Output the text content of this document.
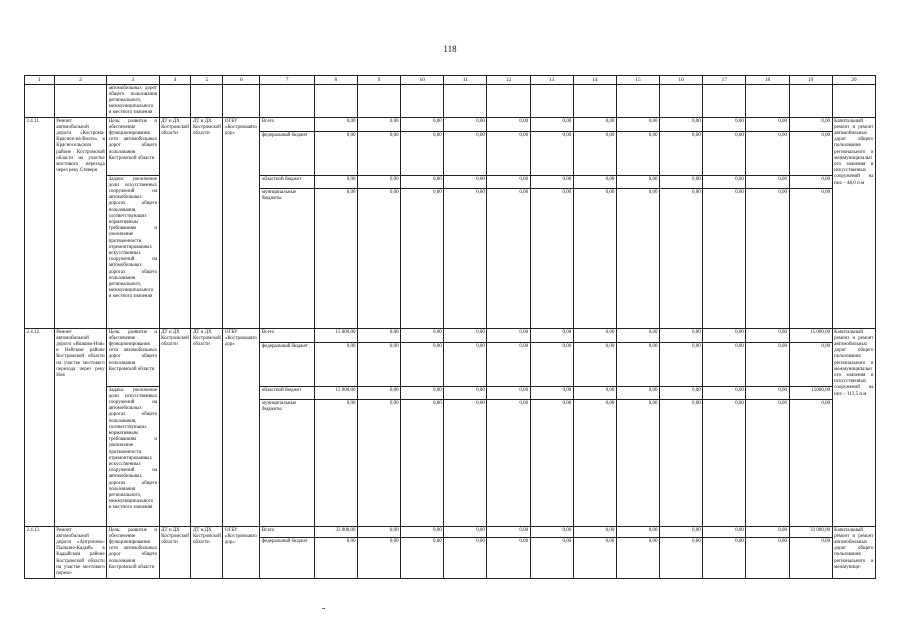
118
1	2	3	4	5	6	7	8	9	10	11	12	13	14	15	16	17	18	19	20
		автомобильных дорог общего пользования регионального, межмуниципального и местного значения																	
2.4.11.	Ремонт автомобильной дороги «Кострома-Красное-на-Волге» в Красносельском районе Костромской области на участке мостового перехода через реку Стеверя	Цель: развитие и обеспечение функционирования сети автомобильных дорог общего пользования Костромской области	ДТ и ДХ Костромской области	ДТ и ДХ Костромской области	ОГБУ «Костромаавтодор»	Всего	0,00	0,00	0,00	0,00	0,00	0,00	0,00	0,00	0,00	0,00	0,00	0,00	Капитальный ремонт и ремонт автомобильных дорог общего пользования регионального и межмуниципального значения и искусственных сооружений на них – 48,0 п.м
						федеральный бюджет	0,00	0,00	0,00	0,00	0,00	0,00	0,00	0,00	0,00	0,00	0,00	0,00	
		Задача: увеличение доли искусственных сооружений на автомобильных дорогах общего пользования, соответствующих нормативным требованиям и увеличение протяженности отремонтированных искусственных сооружений на автомобильных дорогах общего пользования регионального, межмуниципального и местного значения				областной бюджет	0,00	0,00	0,00	0,00	0,00	0,00	0,00	0,00	0,00	0,00	0,00	0,00	
						муниципальные бюджеты	0,00	0,00	0,00	0,00	0,00	0,00	0,00	0,00	0,00	0,00	0,00	0,00	
2.4.12.	Ремонт автомобильной дороги «Яшково-Ноя» в Нейском районе Костромской области на участке мостового перехода через реку Ноя	Цель: развитие и обеспечение функционирования сети автомобильных дорог общего пользования Костромской области	ДТ и ДХ Костромской области	ДТ и ДХ Костромской области	ОГБУ «Костромаавтодор»	Всего	15 000,00	0,00	0,00	0,00	0,00	0,00	0,00	0,00	0,00	0,00	0,00	15 000,00	Капитальный ремонт и ремонт автомобильных дорог общего пользования регионального и межмуниципального значения и искусственных сооружений на них – 113,5 п.м
						федеральный бюджет	0,00	0,00	0,00	0,00	0,00	0,00	0,00	0,00	0,00	0,00	0,00	0,00	
		Задача: увеличение доли искусственных сооружений на автомобильных дорогах общего пользования, соответствующих нормативным требованиям и увеличение протяженности отремонтированных искусственных сооружений на автомобильных дорогах общего пользования регионального, межмуниципального и местного значения				областной бюджет	15 000,00	0,00	0,00	0,00	0,00	0,00	0,00	0,00	0,00	0,00	0,00	15000,00	
						муниципальные бюджеты	0,00	0,00	0,00	0,00	0,00	0,00	0,00	0,00	0,00	0,00	0,00	0,00	
2.4.13.	Ремонт автомобильной дороги «Антропово-Палкино-Кадый» в Кадыйском районе Костромской области на участке мостового перехо-	Цель: развитие и обеспечение функционирования сети автомобильных дорог общего пользования Костромской области	ДТ и ДХ Костромской области	ДТ и ДХ Костромской области	ОГБУ «Костромаавтодор»	Всего	33 000,00	0,00	0,00	0,00	0,00	0,00	0,00	0,00	0,00	0,00	0,00	33 000,00	Капитальный ремонт и ремонт автомобильных дорог общего пользования регионального и межмуници-
						федеральный бюджет	0,00	0,00	0,00	0,00	0,00	0,00	0,00	0,00	0,00	0,00	0,00	0,00	
